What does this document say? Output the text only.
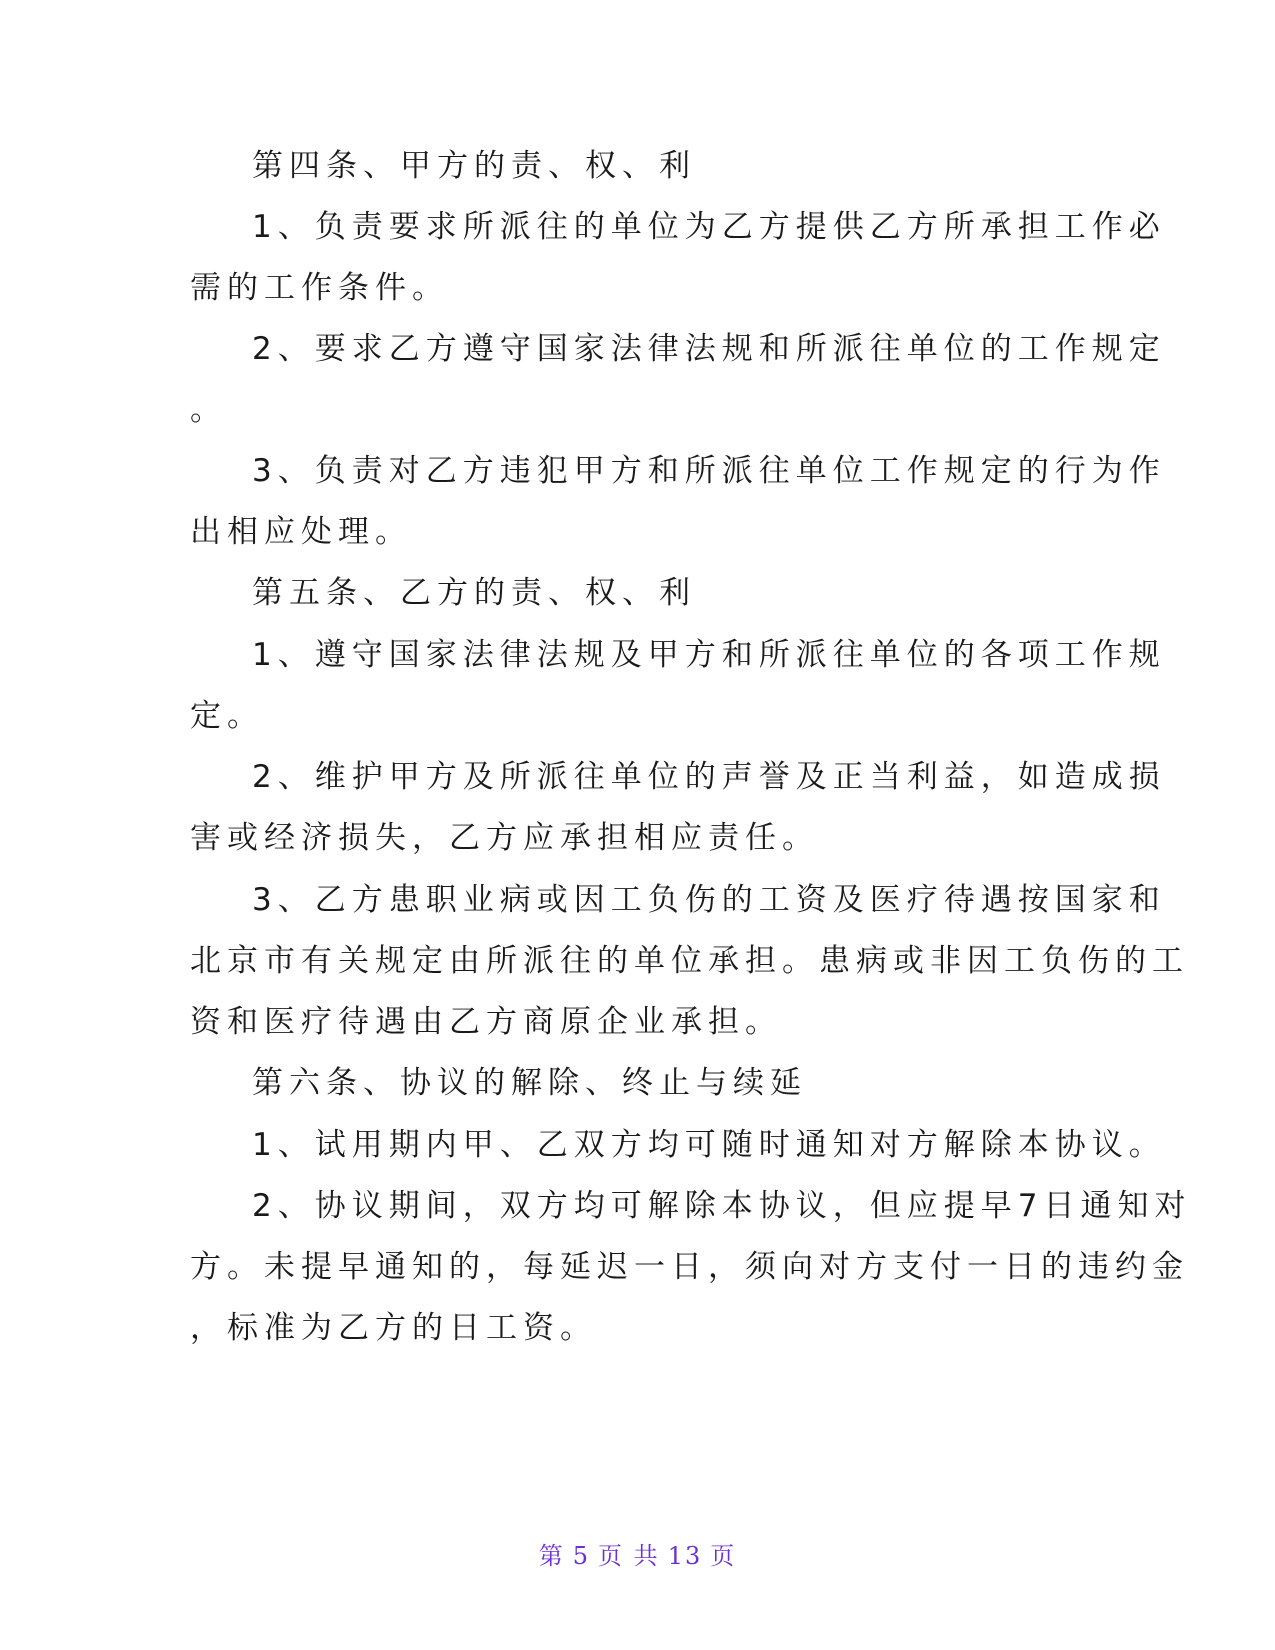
第四条、甲方的责、权、利
1、负责要求所派往的单位为乙方提供乙方所承担工作必
需的工作条件。
2、要求乙方遵守国家法律法规和所派往单位的工作规定
。
3、负责对乙方违犯甲方和所派往单位工作规定的行为作
出相应处理。
第五条、乙方的责、权、利
1、遵守国家法律法规及甲方和所派往单位的各项工作规
定。
2、维护甲方及所派往单位的声誉及正当利益，如造成损
害或经济损失，乙方应承担相应责任。
3、乙方患职业病或因工负伤的工资及医疗待遇按国家和
北京市有关规定由所派往的单位承担。患病或非因工负伤的工
资和医疗待遇由乙方商原企业承担。
第六条、协议的解除、终止与续延
1、试用期内甲、乙双方均可随时通知对方解除本协议。
2、协议期间，双方均可解除本协议，但应提早7日通知对
方。未提早通知的，每延迟一日，须向对方支付一日的违约金
，标准为乙方的日工资。
第 5 页 共 13 页
